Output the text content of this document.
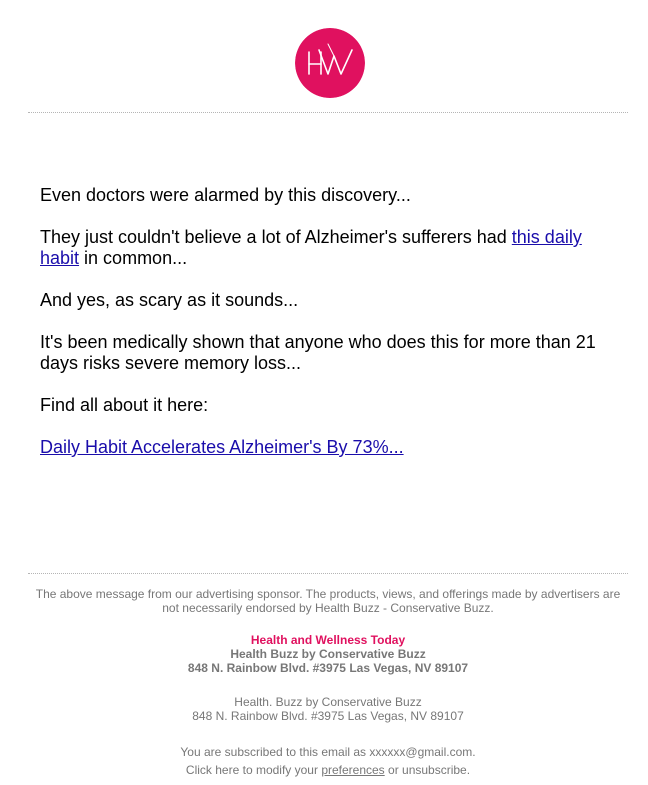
Even doctors were alarmed by this discovery...

They just couldn't believe a lot of Alzheimer's sufferers had this daily habit in common...

And yes, as scary as it sounds...

It's been medically shown that anyone who does this for more than 21 days risks severe memory loss...

Find all about it here:

Daily Habit Accelerates Alzheimer's By 73%...

The above message from our advertising sponsor. The products, views, and offerings made by advertisers are not necessarily endorsed by Health Buzz - Conservative Buzz.
Health and Wellness Today
Health Buzz by Conservative Buzz
848 N. Rainbow Blvd. #3975 Las Vegas, NV 89107
Health. Buzz by Conservative Buzz
848 N. Rainbow Blvd. #3975 Las Vegas, NV 89107
You are subscribed to this email as xxxxxx@gmail.com.
Click here to modify your preferences or unsubscribe.
